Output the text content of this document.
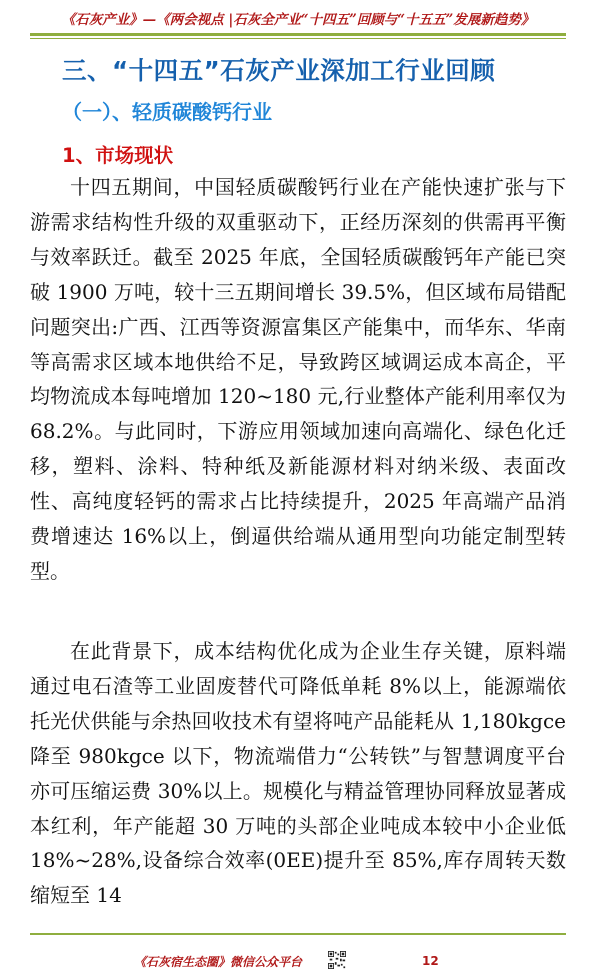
《石灰产业》—《两会视点 |石灰全产业“十四五”回顾与“十五五”发展新趋势》
三、“十四五”石灰产业深加工行业回顾
（一）、轻质碳酸钙行业
1、市场现状

十四五期间，中国轻质碳酸钙行业在产能快速扩张与下游需求结构性升级的双重驱动下，正经历深刻的供需再平衡与效率跃迁。截至 2025 年底，全国轻质碳酸钙年产能已突破 1900 万吨，较十三五期间增长 39.5%，但区域布局错配问题突出:广西、江西等资源富集区产能集中，而华东、华南等高需求区域本地供给不足，导致跨区域调运成本高企，平均物流成本每吨增加 120~180 元,行业整体产能利用率仅为 68.2%。与此同时，下游应用领域加速向高端化、绿色化迁移，塑料、涂料、特种纸及新能源材料对纳米级、表面改性、高纯度轻钙的需求占比持续提升，2025 年高端产品消费增速达 16%以上，倒逼供给端从通用型向功能定制型转型。

在此背景下，成本结构优化成为企业生存关键，原料端通过电石渣等工业固废替代可降低单耗 8%以上，能源端依托光伏供能与余热回收技术有望将吨产品能耗从 1,180kgce 降至 980kgce 以下，物流端借力“公转铁”与智慧调度平台亦可压缩运费 30%以上。规模化与精益管理协同释放显著成本红利，年产能超 30 万吨的头部企业吨成本较中小企业低 18%~28%,设备综合效率(0EE)提升至 85%,库存周转天数缩短至 14

《石灰宿生态圈》微信公众平台	12
